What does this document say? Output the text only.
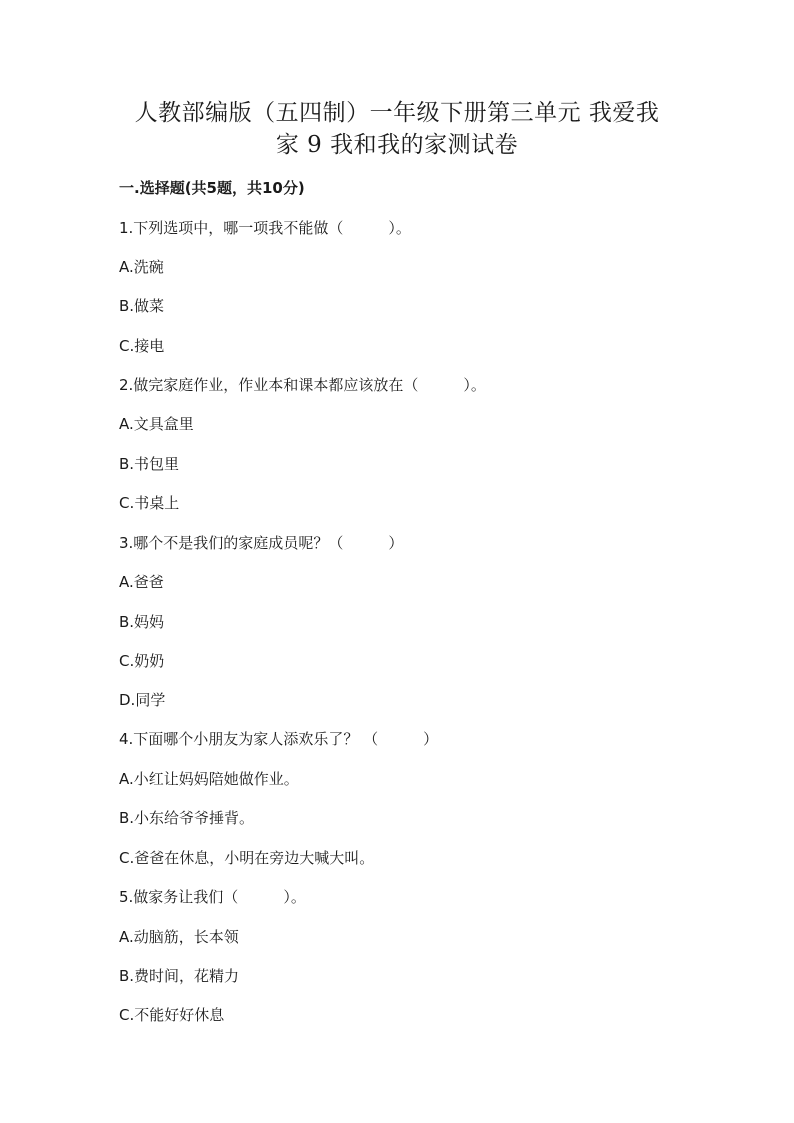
人教部编版（五四制）一年级下册第三单元 我爱我
家 9 我和我的家测试卷
一.选择题(共5题，共10分)
1.下列选项中，哪一项我不能做（　　　）。
A.洗碗
B.做菜
C.接电
2.做完家庭作业，作业本和课本都应该放在（　　　）。
A.文具盒里
B.书包里
C.书桌上
3.哪个不是我们的家庭成员呢？（　　　）
A.爸爸
B.妈妈
C.奶奶
D.同学
4.下面哪个小朋友为家人添欢乐了？ （　　　）
A.小红让妈妈陪她做作业。
B.小东给爷爷捶背。
C.爸爸在休息，小明在旁边大喊大叫。
5.做家务让我们（　　　）。
A.动脑筋，长本领
B.费时间，花精力
C.不能好好休息
